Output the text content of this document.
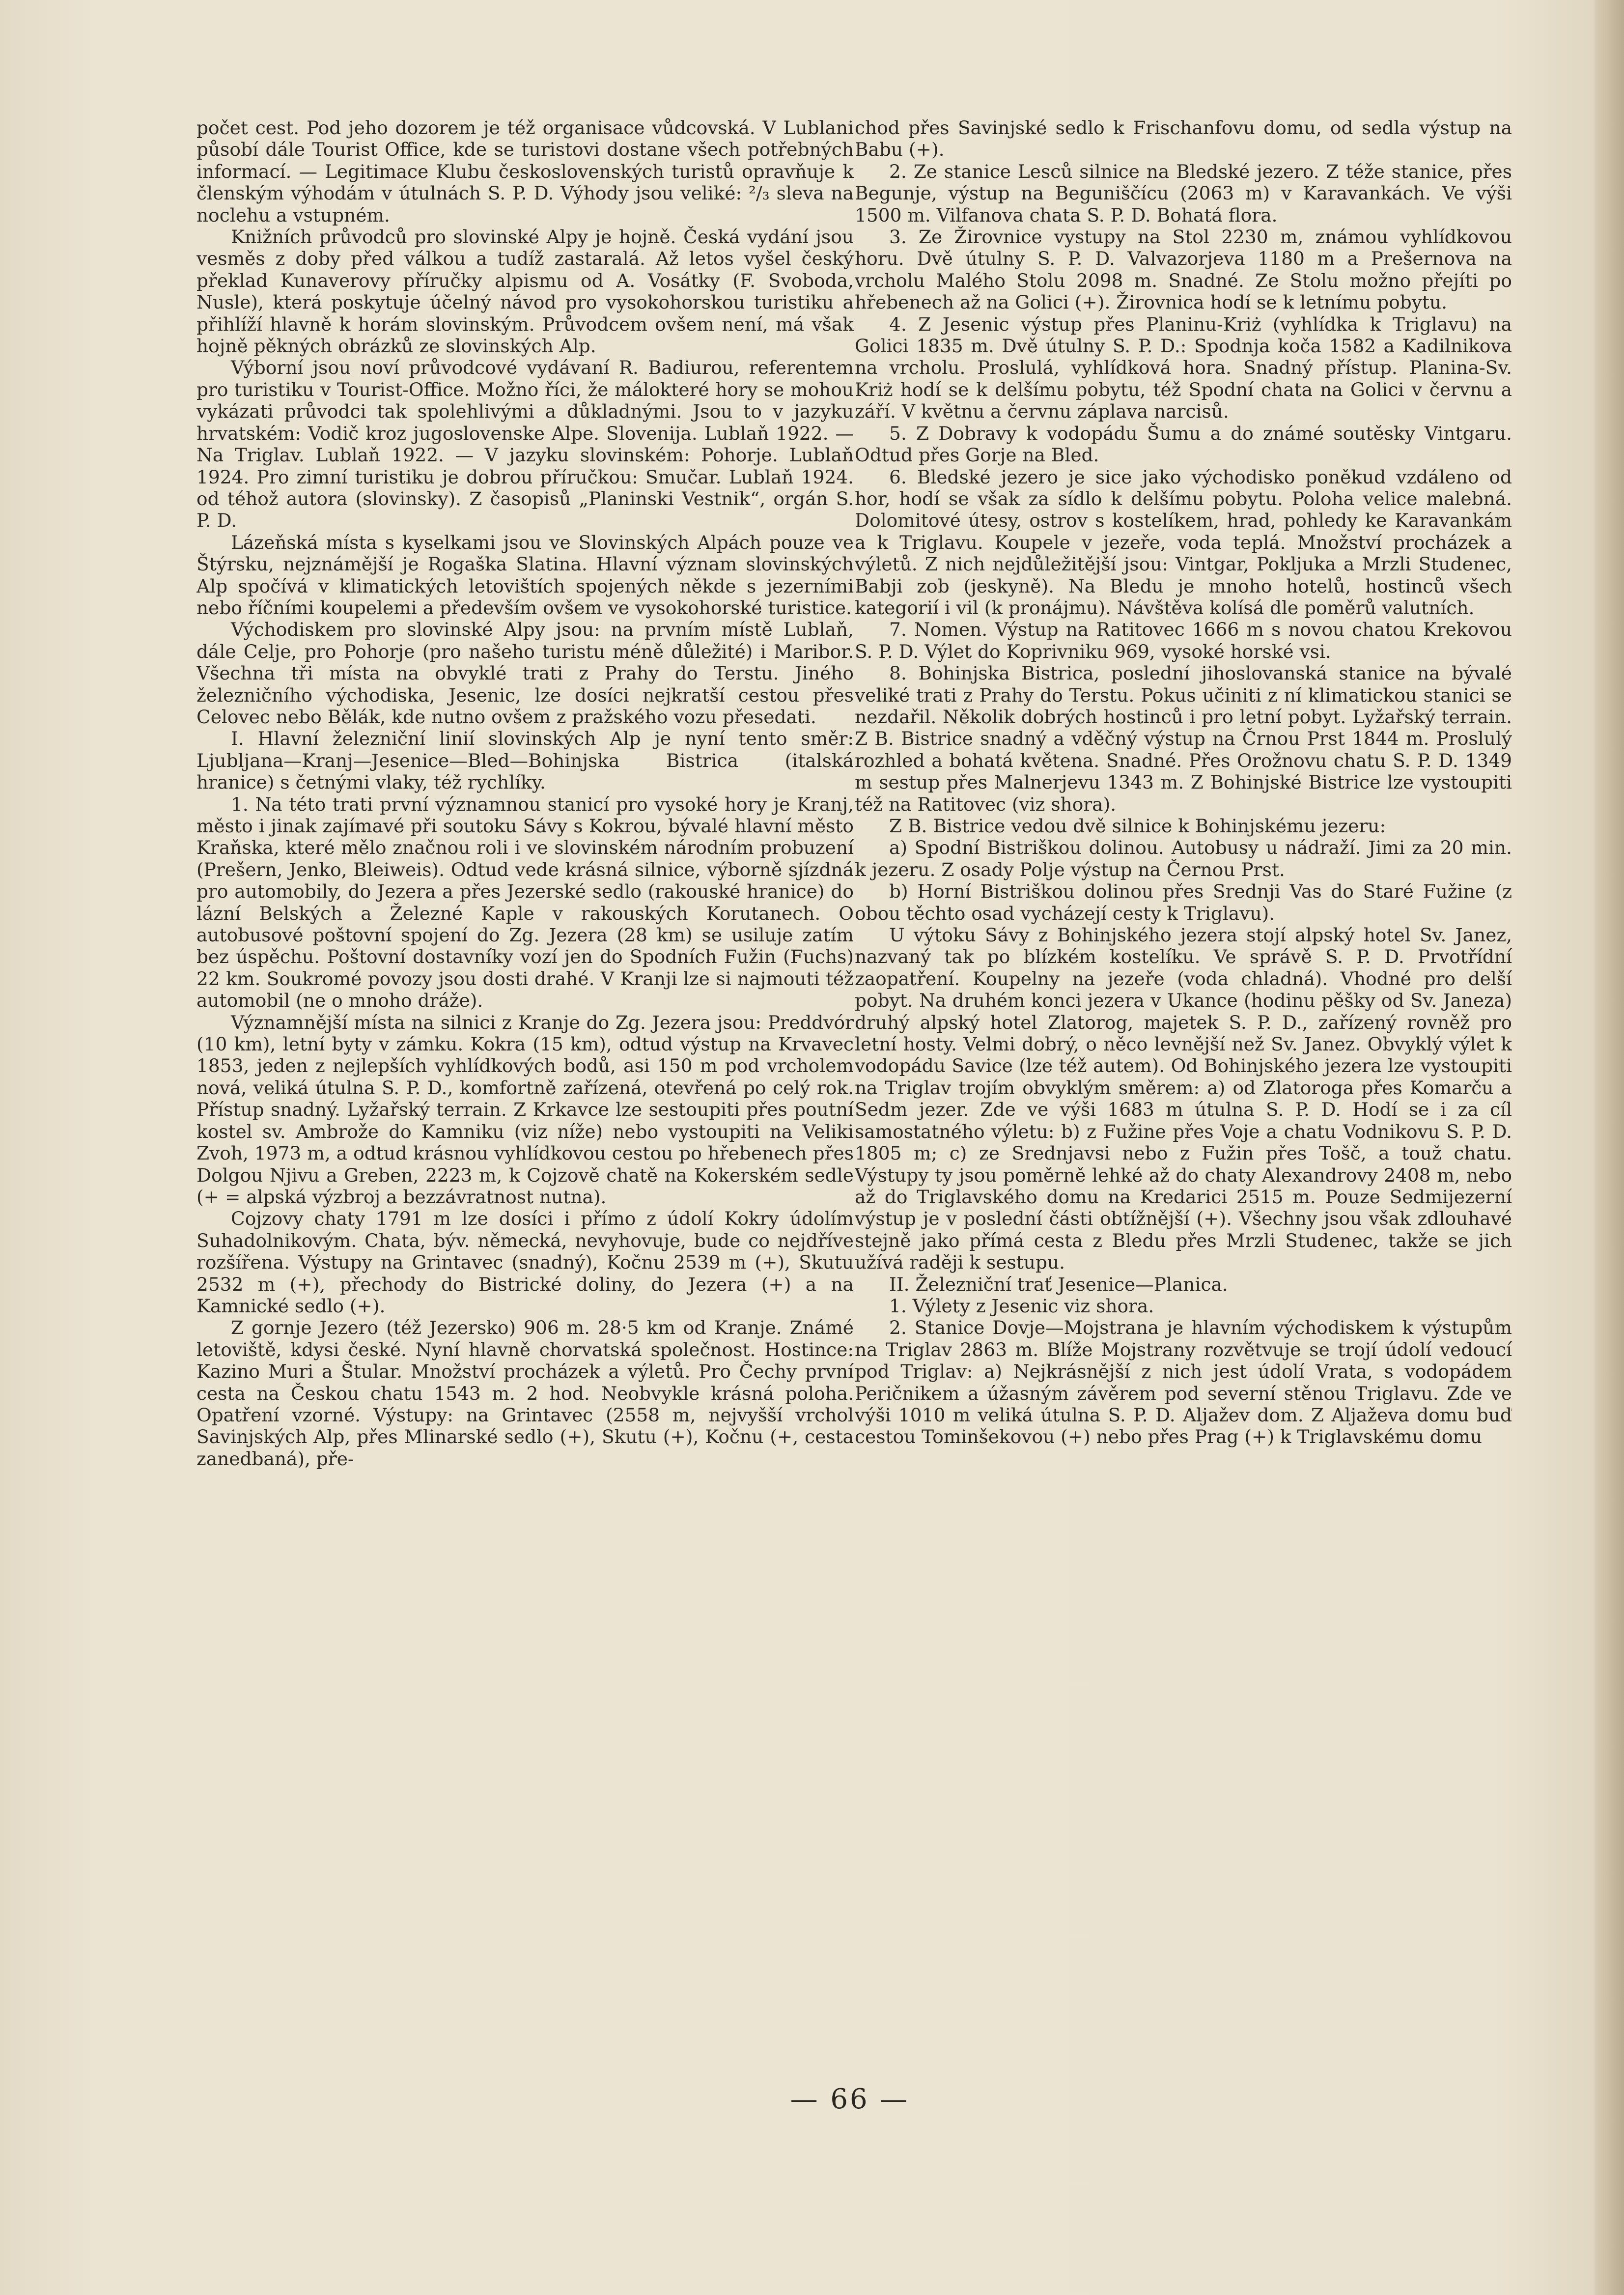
počet cest. Pod jeho dozorem je též organisace vůdcovská. V Lublani působí dále Tourist Office, kde se turistovi dostane všech potřebných informací. — Legitimace Klubu československých turistů opravňuje k členským výhodám v útulnách S. P. D. Výhody jsou veliké: ²/₃ sleva na noclehu a vstupném.

Knižních průvodců pro slovinské Alpy je hojně. Česká vydání jsou vesměs z doby před válkou a tudíž zastaralá. Až letos vyšel český překlad Kunaverovy příručky alpismu od A. Vosátky (F. Svoboda, Nusle), která poskytuje účelný návod pro vysokohorskou turistiku a přihlíží hlavně k horám slovinským. Průvodcem ovšem není, má však hojně pěkných obrázků ze slovinských Alp.

Výborní jsou noví průvodcové vydávaní R. Badiurou, referentem pro turistiku v Tourist-Office. Možno říci, že málokteré hory se mohou vykázati průvodci tak spolehlivými a důkladnými. Jsou to v jazyku hrvatském: Vodič kroz jugoslovenske Alpe. Slovenija. Lublaň 1922. — Na Triglav. Lublaň 1922. — V jazyku slovinském: Pohorje. Lublaň 1924. Pro zimní turistiku je dobrou příručkou: Smučar. Lublaň 1924. od téhož autora (slovinsky). Z časopisů „Planinski Vestnik“, orgán S. P. D.

Lázeňská místa s kyselkami jsou ve Slovinských Alpách pouze ve Štýrsku, nejznámější je Rogaška Slatina. Hlavní význam slovinských Alp spočívá v klimatických letovištích spojených někde s jezerními nebo říčními koupelemi a především ovšem ve vysokohorské turistice.

Východiskem pro slovinské Alpy jsou: na prvním místě Lublaň, dále Celje, pro Pohorje (pro našeho turistu méně důležité) i Maribor. Všechna tři místa na obvyklé trati z Prahy do Terstu. Jiného železničního východiska, Jesenic, lze dosíci nejkratší cestou přes Celovec nebo Bělák, kde nutno ovšem z pražského vozu přesedati.

I. Hlavní železniční linií slovinských Alp je nyní tento směr: Ljubljana—Kranj—Jesenice—Bled—Bohinjska Bistrica (italská hranice) s četnými vlaky, též rychlíky.

1. Na této trati první významnou stanicí pro vysoké hory je Kranj, město i jinak zajímavé při soutoku Sávy s Kokrou, bývalé hlavní město Kraňska, které mělo značnou roli i ve slovinském národním probuzení (Prešern, Jenko, Bleiweis). Odtud vede krásná silnice, výborně sjízdná pro automobily, do Jezera a přes Jezerské sedlo (rakouské hranice) do lázní Belských a Železné Kaple v rakouských Korutanech. O autobusové poštovní spojení do Zg. Jezera (28 km) se usiluje zatím bez úspěchu. Poštovní dostavníky vozí jen do Spodních Fužin (Fuchs) 22 km. Soukromé povozy jsou dosti drahé. V Kranji lze si najmouti též automobil (ne o mnoho dráže).

Významnější místa na silnici z Kranje do Zg. Jezera jsou: Preddvór (10 km), letní byty v zámku. Kokra (15 km), odtud výstup na Krvavec 1853, jeden z nejlepších vyhlídkových bodů, asi 150 m pod vrcholem nová, veliká útulna S. P. D., komfortně zařízená, otevřená po celý rok. Přístup snadný. Lyžařský terrain. Z Krkavce lze sestoupiti přes poutní kostel sv. Ambrože do Kamniku (viz níže) nebo vystoupiti na Veliki Zvoh, 1973 m, a odtud krásnou vyhlídkovou cestou po hřebenech přes Dolgou Njivu a Greben, 2223 m, k Cojzově chatě na Kokerském sedle (+ = alpská výzbroj a bezzávratnost nutna).

Cojzovy chaty 1791 m lze dosíci i přímo z údolí Kokry údolím Suhadolnikovým. Chata, býv. německá, nevyhovuje, bude co nejdříve rozšířena. Výstupy na Grintavec (snadný), Kočnu 2539 m (+), Skutu 2532 m (+), přechody do Bistrické doliny, do Jezera (+) a na Kamnické sedlo (+).

Z gornje Jezero (též Jezersko) 906 m. 28·5 km od Kranje. Známé letoviště, kdysi české. Nyní hlavně chorvatská společnost. Hostince: Kazino Muri a Štular. Množství procházek a výletů. Pro Čechy první cesta na Českou chatu 1543 m. 2 hod. Neobvykle krásná poloha. Opatření vzorné. Výstupy: na Grintavec (2558 m, nejvyšší vrchol Savinjských Alp, přes Mlinarské sedlo (+), Skutu (+), Kočnu (+, cesta zanedbaná), pře-

chod přes Savinjské sedlo k Frischanfovu domu, od sedla výstup na Babu (+).

2. Ze stanice Lesců silnice na Bledské jezero. Z téže stanice, přes Begunje, výstup na Beguniščícu (2063 m) v Karavankách. Ve výši 1500 m. Vilfanova chata S. P. D. Bohatá flora.

3. Ze Žirovnice vystupy na Stol 2230 m, známou vyhlídkovou horu. Dvě útulny S. P. D. Valvazorjeva 1180 m a Prešernova na vrcholu Malého Stolu 2098 m. Snadné. Ze Stolu možno přejíti po hřebenech až na Golici (+). Žirovnica hodí se k letnímu pobytu.

4. Z Jesenic výstup přes Planinu-Kriż (vyhlídka k Triglavu) na Golici 1835 m. Dvě útulny S. P. D.: Spodnja koča 1582 a Kadilnikova na vrcholu. Proslulá, vyhlídková hora. Snadný přístup. Planina-Sv. Kriż hodí se k delšímu pobytu, též Spodní chata na Golici v červnu a září. V květnu a červnu záplava narcisů.

5. Z Dobravy k vodopádu Šumu a do známé soutěsky Vintgaru. Odtud přes Gorje na Bled.

6. Bledské jezero je sice jako východisko poněkud vzdáleno od hor, hodí se však za sídlo k delšímu pobytu. Poloha velice malebná. Dolomitové útesy, ostrov s kostelíkem, hrad, pohledy ke Karavankám a k Triglavu. Koupele v jezeře, voda teplá. Množství procházek a výletů. Z nich nejdůležitější jsou: Vintgar, Pokljuka a Mrzli Studenec, Babji zob (jeskyně). Na Bledu je mnoho hotelů, hostinců všech kategorií i vil (k pronájmu). Návštěva kolísá dle poměrů valutních.

7. Nomen. Výstup na Ratitovec 1666 m s novou chatou Krekovou S. P. D. Výlet do Koprivniku 969, vysoké horské vsi.

8. Bohinjska Bistrica, poslední jihoslovanská stanice na bývalé veliké trati z Prahy do Terstu. Pokus učiniti z ní klimatickou stanici se nezdařil. Několik dobrých hostinců i pro letní pobyt. Lyžařský terrain. Z B. Bistrice snadný a vděčný výstup na Črnou Prst 1844 m. Proslulý rozhled a bohatá květena. Snadné. Přes Orožnovu chatu S. P. D. 1349 m sestup přes Malnerjevu 1343 m. Z Bohinjské Bistrice lze vystoupiti též na Ratitovec (viz shora).

Z B. Bistrice vedou dvě silnice k Bohinjskému jezeru:

a) Spodní Bistriškou dolinou. Autobusy u nádraží. Jimi za 20 min. k jezeru. Z osady Polje výstup na Černou Prst.

b) Horní Bistriškou dolinou přes Srednji Vas do Staré Fužine (z obou těchto osad vycházejí cesty k Triglavu).

U výtoku Sávy z Bohinjského jezera stojí alpský hotel Sv. Janez, nazvaný tak po blízkém kostelíku. Ve správě S. P. D. Prvotřídní zaopatření. Koupelny na jezeře (voda chladná). Vhodné pro delší pobyt. Na druhém konci jezera v Ukance (hodinu pěšky od Sv. Janeza) druhý alpský hotel Zlatorog, majetek S. P. D., zařízený rovněž pro letní hosty. Velmi dobrý, o něco levnější než Sv. Janez. Obvyklý výlet k vodopádu Savice (lze též autem). Od Bohinjského jezera lze vystoupiti na Triglav trojím obvyklým směrem: a) od Zlatoroga přes Komarču a Sedm jezer. Zde ve výši 1683 m útulna S. P. D. Hodí se i za cíl samostatného výletu: b) z Fužine přes Voje a chatu Vodnikovu S. P. D. 1805 m; c) ze Srednjavsi nebo z Fužin přes Tošč, a touž chatu. Výstupy ty jsou poměrně lehké až do chaty Alexandrovy 2408 m, nebo až do Triglavského domu na Kredarici 2515 m. Pouze Sedmijezerní výstup je v poslední části obtížnější (+). Všechny jsou však zdlouhavé stejně jako přímá cesta z Bledu přes Mrzli Studenec, takže se jich užívá raději k sestupu.

II. Železniční trať Jesenice—Planica.

1. Výlety z Jesenic viz shora.

2. Stanice Dovje—Mojstrana je hlavním východiskem k výstupům na Triglav 2863 m. Blíže Mojstrany rozvětvuje se trojí údolí vedoucí pod Triglav: a) Nejkrásnější z nich jest údolí Vrata, s vodopádem Peričnikem a úžasným závěrem pod severní stěnou Triglavu. Zde ve výši 1010 m veliká útulna S. P. D. Aljažev dom. Z Aljaževa domu buď cestou Tominšekovou (+) nebo přes Prag (+) k Triglavskému domu

— 66 —
